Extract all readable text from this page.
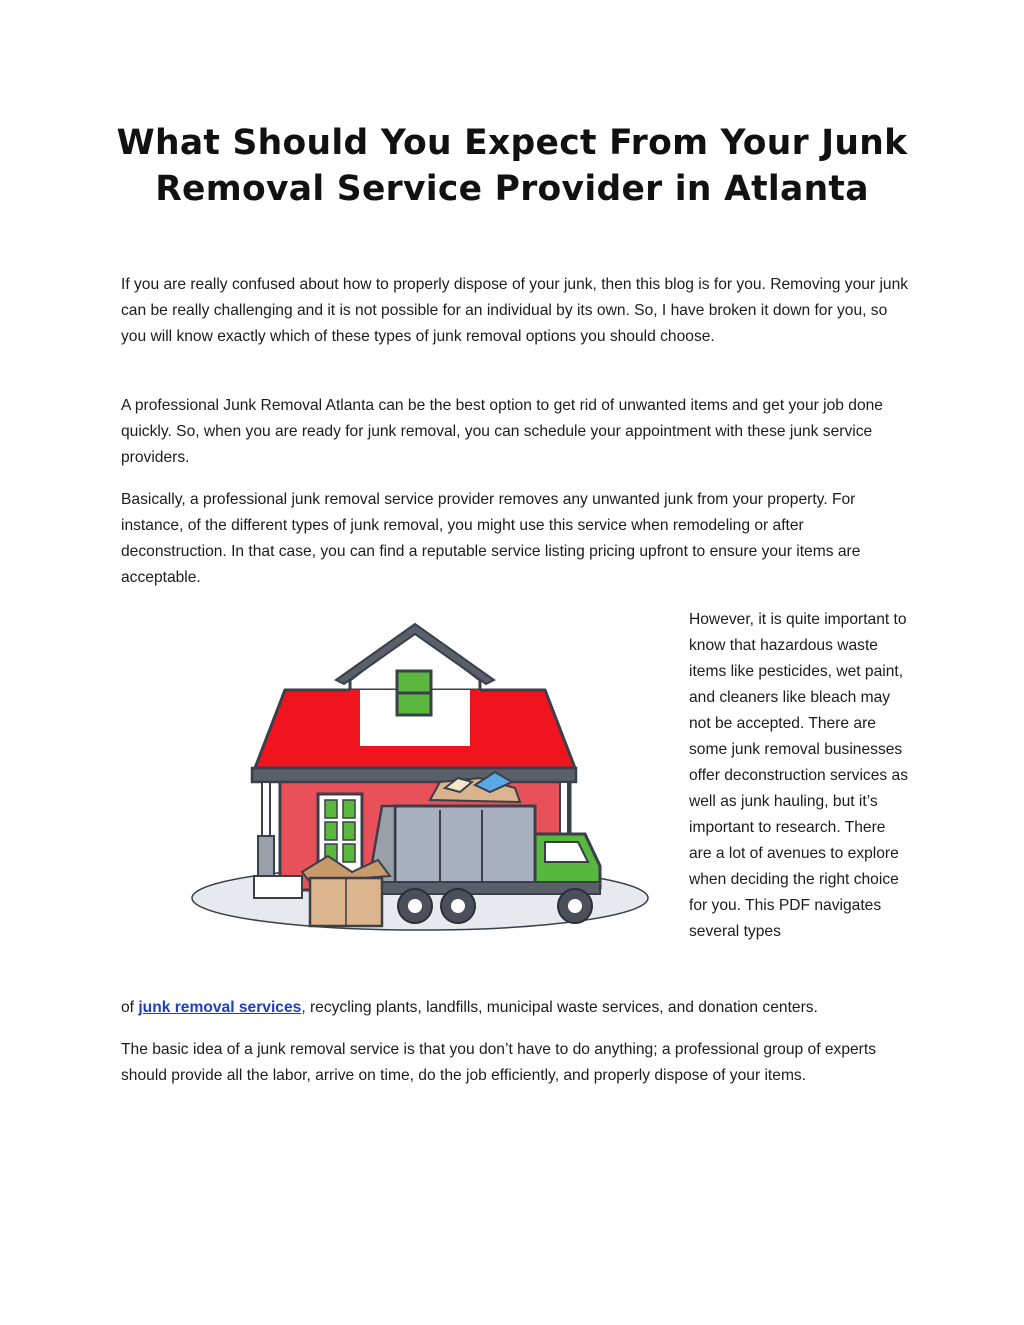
What Should You Expect From Your Junk
Removal Service Provider in Atlanta

If you are really confused about how to properly dispose of your junk, then this blog is for you. Removing your junk can be really challenging and it is not possible for an individual by its own. So, I have broken it down for you, so you will know exactly which of these types of junk removal options you should choose.

A professional Junk Removal Atlanta can be the best option to get rid of unwanted items and get your job done quickly. So, when you are ready for junk removal, you can schedule your appointment with these junk service providers.

Basically, a professional junk removal service provider removes any unwanted junk from your property. For instance, of the different types of junk removal, you might use this service when remodeling or after deconstruction. In that case, you can find a reputable service listing pricing upfront to ensure your items are acceptable.

However, it is quite important to know that hazardous waste items like pesticides, wet paint, and cleaners like bleach may not be accepted. There are some junk removal businesses offer deconstruction services as well as junk hauling, but it’s important to research. There are a lot of avenues to explore when deciding the right choice for you. This PDF navigates several types

of junk removal services, recycling plants, landfills, municipal waste services, and donation centers.

The basic idea of a junk removal service is that you don’t have to do anything; a professional group of experts should provide all the labor, arrive on time, do the job efficiently, and properly dispose of your items.
